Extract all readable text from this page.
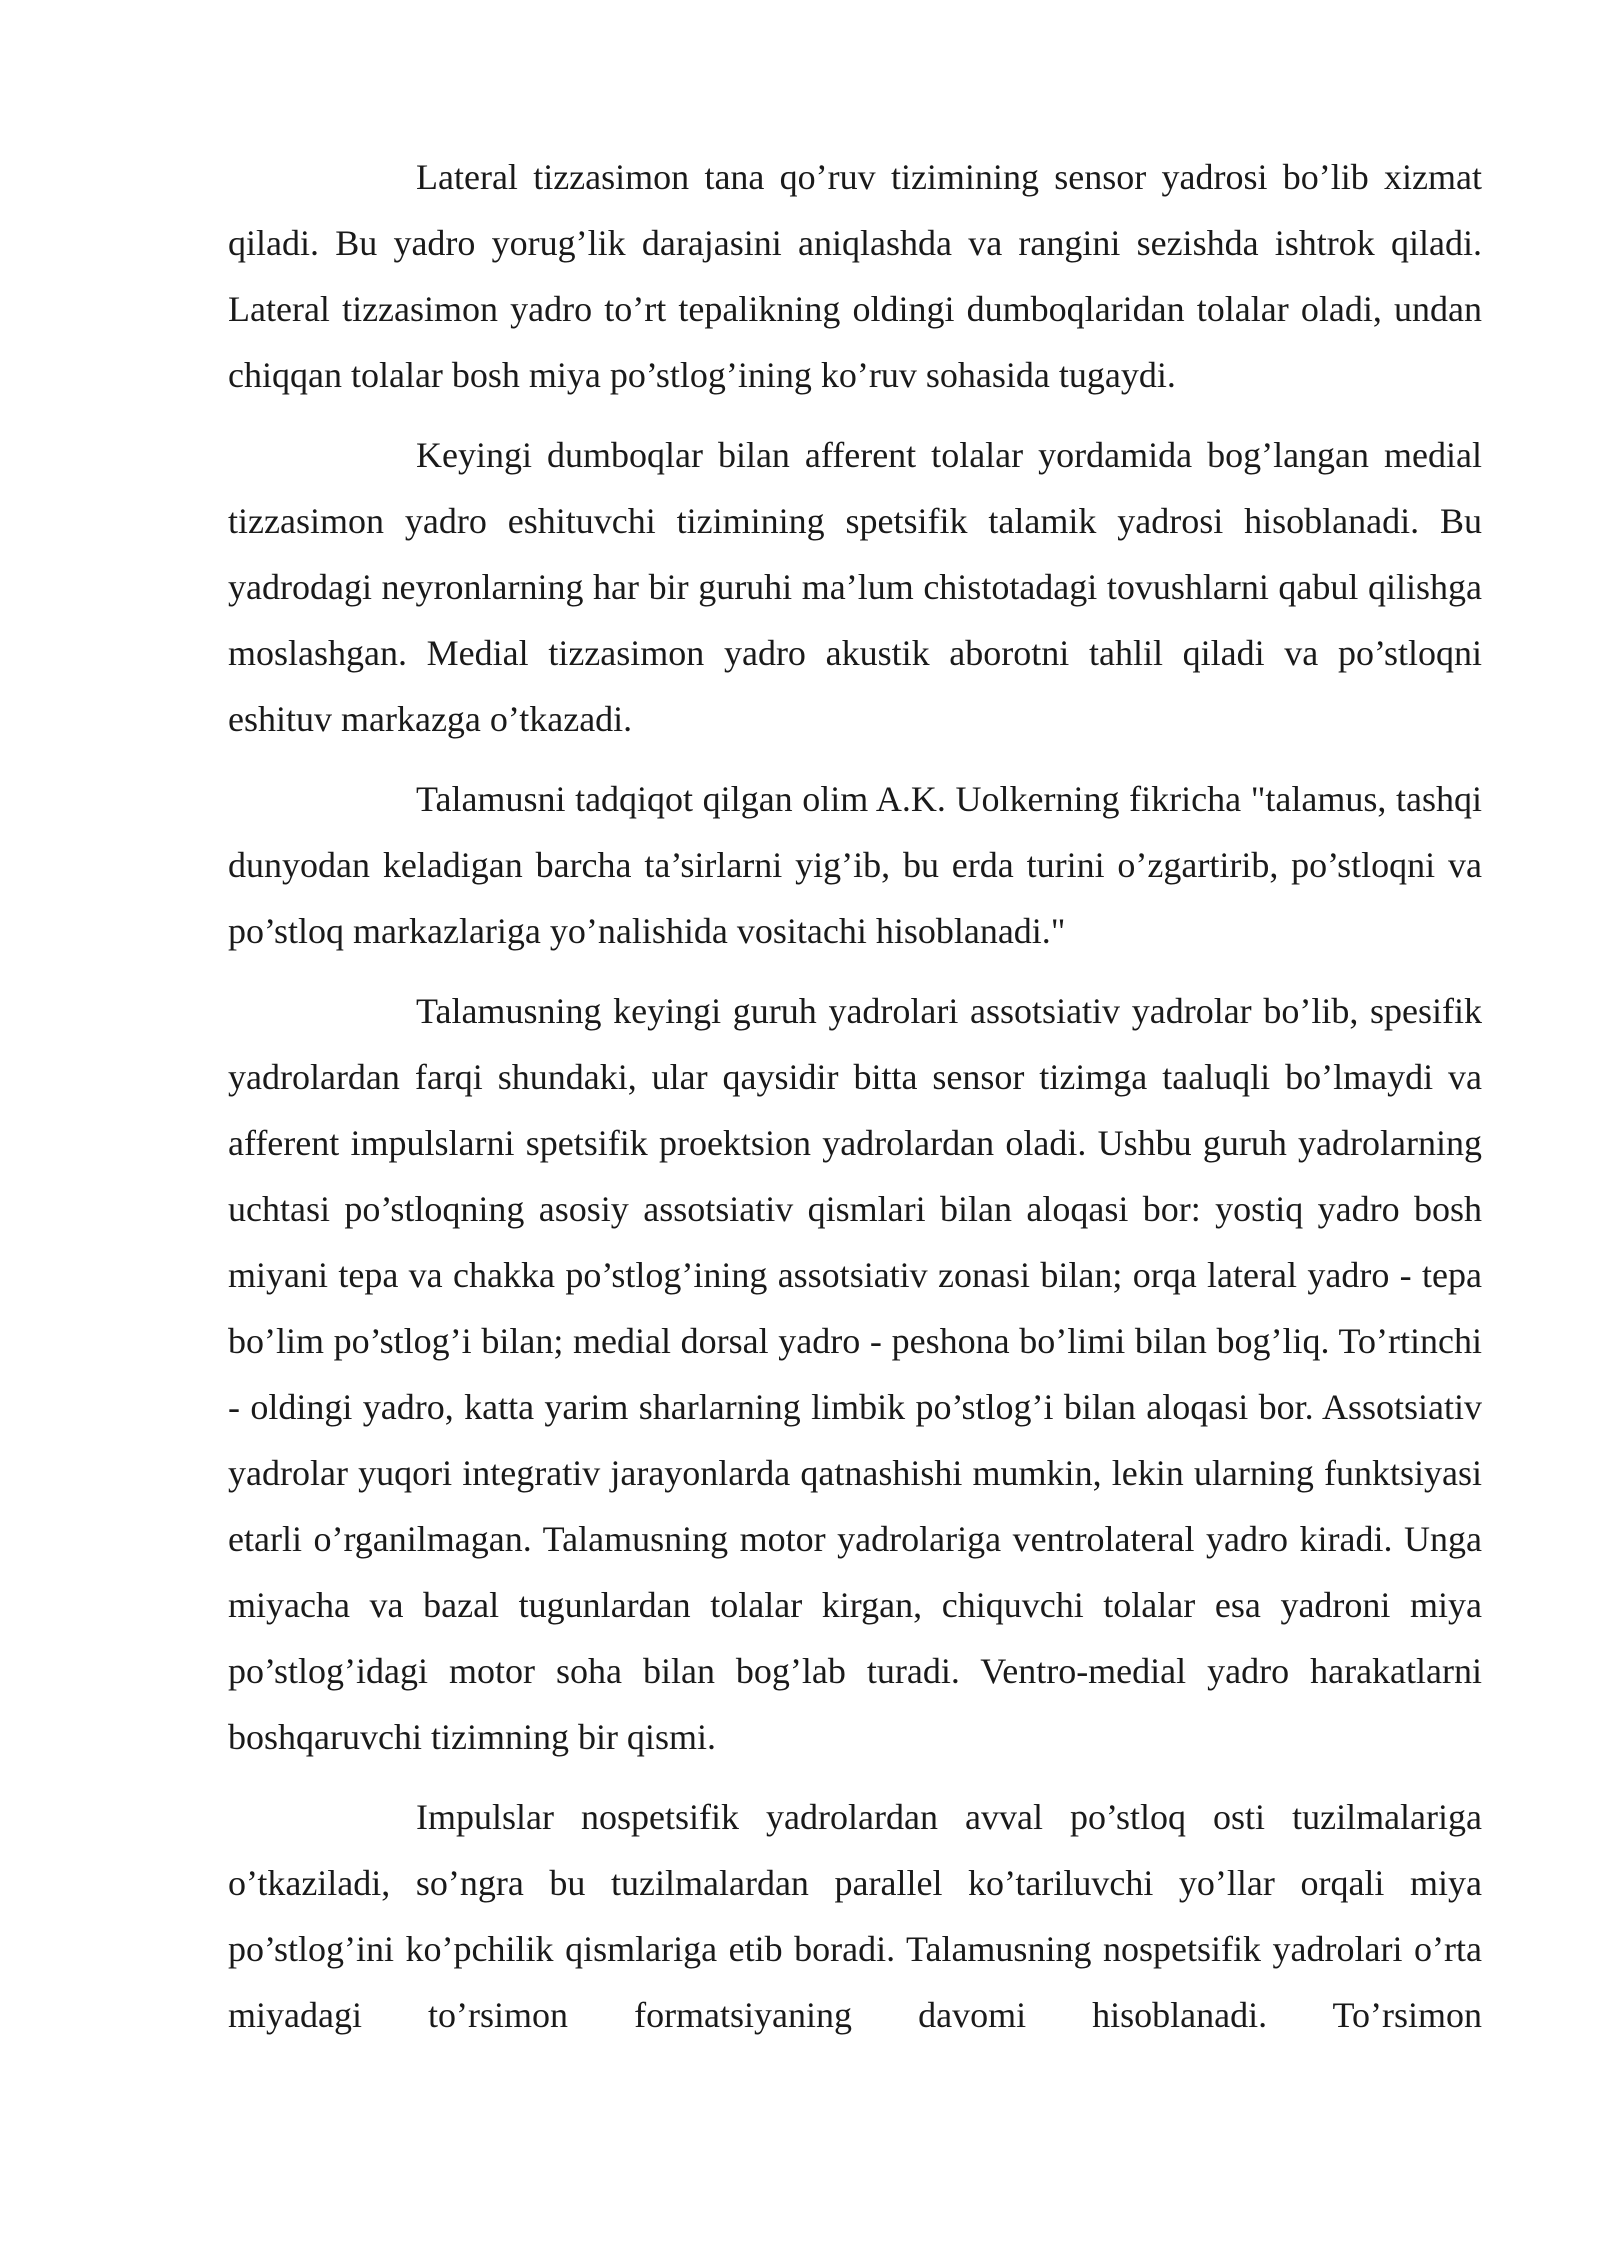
Lateral tizzasimon tana qo’ruv tizimining sensor yadrosi bo’lib xizmat qiladi. Bu yadro yorug’lik darajasini aniqlashda va rangini sezishda ishtrok qiladi. Lateral tizzasimon yadro to’rt tepalikning oldingi dumboqlaridan tolalar oladi, undan chiqqan tolalar bosh miya po’stlog’ining ko’ruv sohasida tugaydi.

Keyingi dumboqlar bilan afferent tolalar yordamida bog’langan medial tizzasimon yadro eshituvchi tizimining spetsifik talamik yadrosi hisoblanadi. Bu yadrodagi neyronlarning har bir guruhi ma’lum chistotadagi tovushlarni qabul qilishga moslashgan. Medial tizzasimon yadro akustik aborotni tahlil qiladi va po’stloqni eshituv markazga o’tkazadi.

Talamusni tadqiqot qilgan olim A.K. Uolkerning fikricha "talamus, tashqi dunyodan keladigan barcha ta’sirlarni yig’ib, bu erda turini o’zgartirib, po’stloqni va po’stloq markazlariga yo’nalishida vositachi hisoblanadi."

Talamusning keyingi guruh yadrolari assotsiativ yadrolar bo’lib, spesifik yadrolardan farqi shundaki, ular qaysidir bitta sensor tizimga taaluqli bo’lmaydi va afferent impulslarni spetsifik proektsion yadrolardan oladi. Ushbu guruh yadrolarning uchtasi po’stloqning asosiy assotsiativ qismlari bilan aloqasi bor: yostiq yadro bosh miyani tepa va chakka po’stlog’ining assotsiativ zonasi bilan; orqa lateral yadro - tepa bo’lim po’stlog’i bilan; medial dorsal yadro - peshona bo’limi bilan bog’liq. To’rtinchi - oldingi yadro, katta yarim sharlarning limbik po’stlog’i bilan aloqasi bor. Assotsiativ yadrolar yuqori integrativ jarayonlarda qatnashishi mumkin, lekin ularning funktsiyasi etarli o’rganilmagan. Talamusning motor yadrolariga ventrolateral yadro kiradi. Unga miyacha va bazal tugunlardan tolalar kirgan, chiquvchi tolalar esa yadroni miya po’stlog’idagi motor soha bilan bog’lab turadi. Ventro-medial yadro harakatlarni boshqaruvchi tizimning bir qismi.

Impulslar nospetsifik yadrolardan avval po’stloq osti tuzilmalariga o’tkaziladi, so’ngra bu tuzilmalardan parallel ko’tariluvchi yo’llar orqali miya po’stlog’ini ko’pchilik qismlariga etib boradi. Talamusning nospetsifik yadrolari o’rta miyadagi to’rsimon formatsiyaning davomi hisoblanadi. To’rsimon
